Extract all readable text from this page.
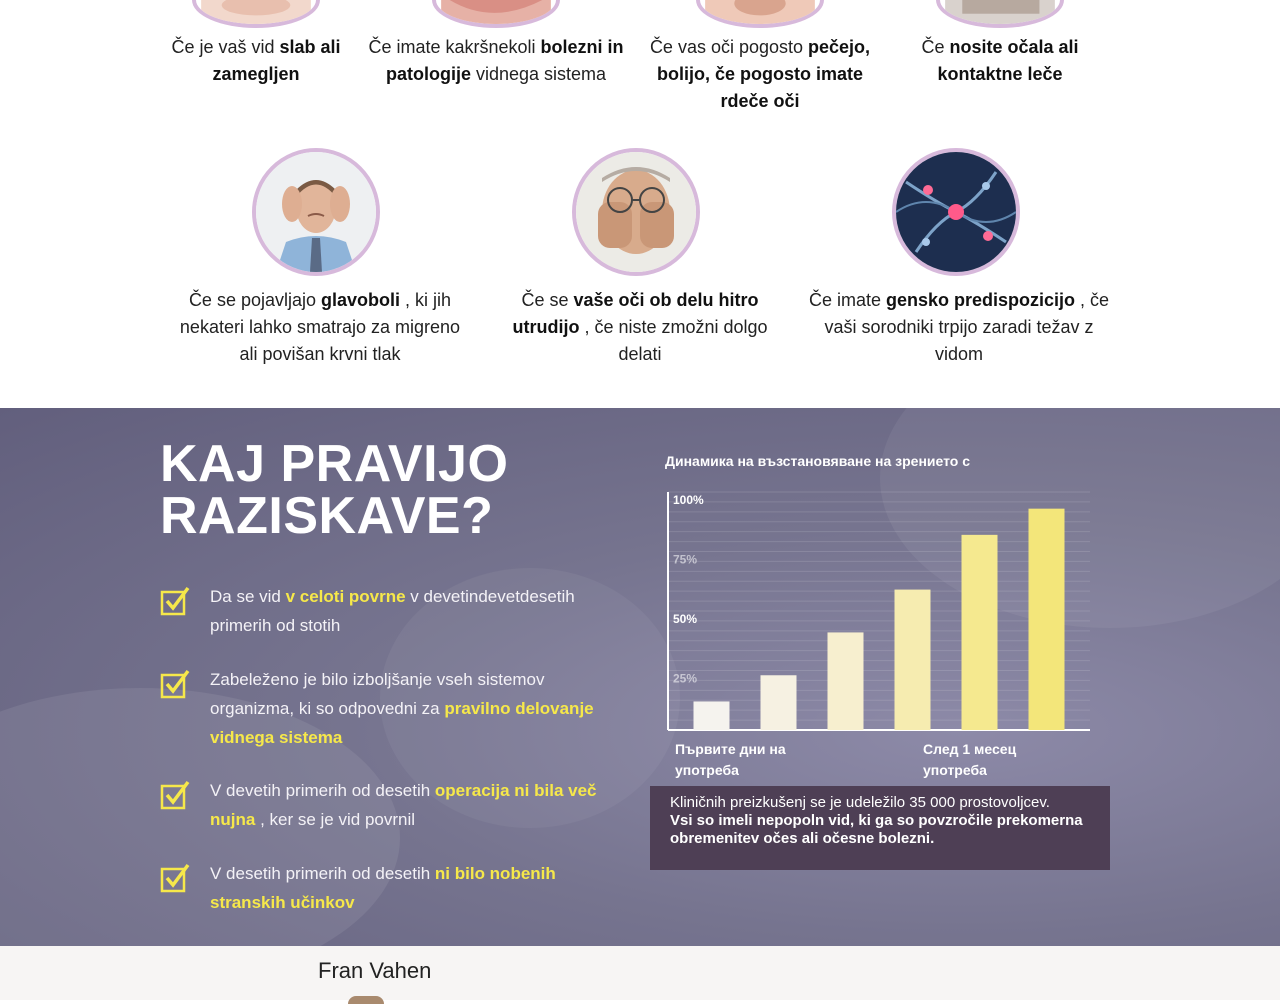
Če je vaš vid slab ali zamegljen
Če imate kakršnekoli bolezni in patologije vidnega sistema
Če vas oči pogosto pečejo, bolijo, če pogosto imate rdeče oči
Če nosite očala ali kontaktne leče
Če se pojavljajo glavoboli , ki jih nekateri lahko smatrajo za migreno ali povišan krvni tlak
Če se vaše oči ob delu hitro utrudijo , če niste zmožni dolgo delati
Če imate gensko predispozicijo , če vaši sorodniki trpijo zaradi težav z vidom
KAJ PRAVIJO RAZISKAVE?
Da se vid v celoti povrne v devetindevetdesetih primerih od stotih
Zabeleženo je bilo izboljšanje vseh sistemov organizma, ki so odpovedni za pravilno delovanje vidnega sistema
V devetih primerih od desetih operacija ni bila več nujna , ker se je vid povrnil
V desetih primerih od desetih ni bilo nobenih stranskih učinkov
Динамика на възстановяване на зрението с
100%
75%
50%
25%
Първите дни на употреба
След 1 месец употреба
Kliničnih preizkušenj se je udeležilo 35 000 prostovoljcev.
Vsi so imeli nepopoln vid, ki ga so povzročile prekomerna obremenitev očes ali očesne bolezni.
Fran Vahen
